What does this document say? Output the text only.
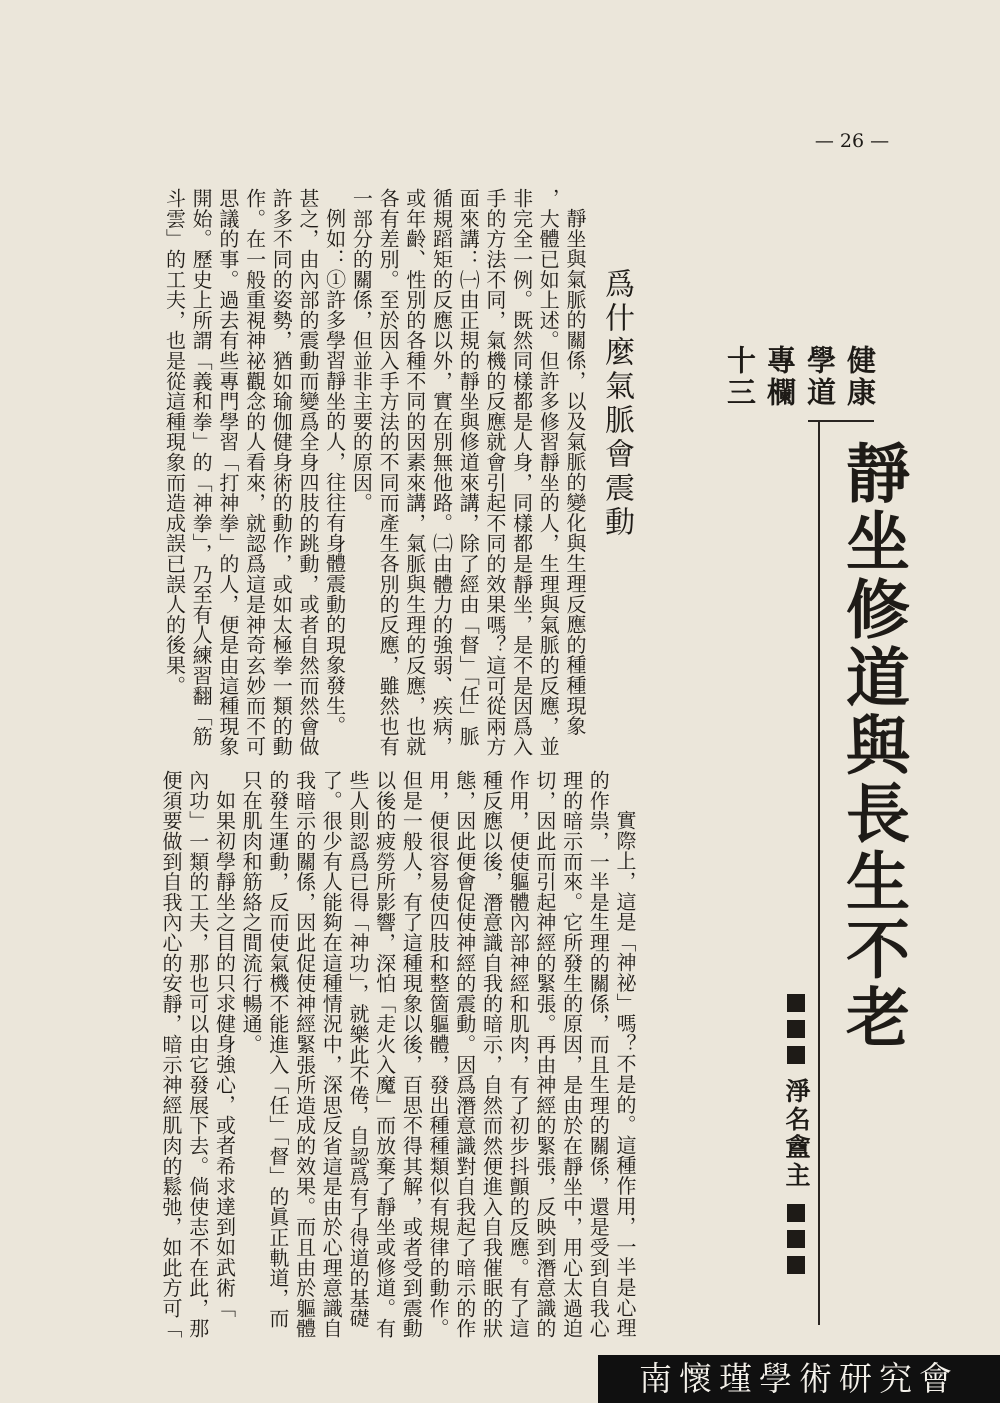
— 26 —
健康
學道
專欄
十三
靜坐修道與長生不老
淨名盦主
爲什麼氣脈會震動

靜坐與氣脈的關係，以及氣脈的變化與生理反應的種種現象

，大體已如上述。但許多修習靜坐的人，生理與氣脈的反應，並

非完全一例。既然同樣都是人身，同樣都是靜坐，是不是因爲入

手的方法不同，氣機的反應就會引起不同的效果嗎？這可從兩方

面來講：㈠由正規的靜坐與修道來講，除了經由「督」「任」脈

循規蹈矩的反應以外，實在別無他路。㈡由體力的強弱、疾病，

或年齡、性別的各種不同的因素來講，氣脈與生理的反應，也就

各有差別。至於因入手方法的不同而產生各別的反應，雖然也有

一部分的關係，但並非主要的原因。

例如：①許多學習靜坐的人，往往有身體震動的現象發生。

甚之，由內部的震動而變爲全身四肢的跳動，或者自然而然會做

許多不同的姿勢，猶如瑜伽健身術的動作，或如太極拳一類的動

作。在一般重視神祕觀念的人看來，就認爲這是神奇玄妙而不可

思議的事。過去有些專門學習「打神拳」的人，便是由這種現象

開始。歷史上所謂「義和拳」的「神拳」，乃至有人練習翻「筋

斗雲」的工夫，也是從這種現象而造成誤已誤人的後果。

實際上，這是「神祕」嗎？不是的。這種作用，一半是心理

的作祟，一半是生理的關係，而且生理的關係，還是受到自我心

理的暗示而來。它所發生的原因，是由於在靜坐中，用心太過迫

切，因此而引起神經的緊張。再由神經的緊張，反映到潛意識的

作用，便使軀體內部神經和肌肉，有了初步抖顫的反應。有了這

種反應以後，潛意識自我的暗示，自然而然便進入自我催眠的狀

態，因此便會促使神經的震動。因爲潛意識對自我起了暗示的作

用，便很容易使四肢和整箇軀體，發出種種類似有規律的動作。

但是一般人，有了這種現象以後，百思不得其解，或者受到震動

以後的疲勞所影響，深怕「走火入魔」而放棄了靜坐或修道。有

些人則認爲已得「神功」，就樂此不倦，自認爲有了得道的基礎

了。很少有人能夠在這種情況中，深思反省這是由於心理意識自

我暗示的關係，因此促使神經緊張所造成的效果。而且由於軀體

的發生運動，反而使氣機不能進入「任」「督」的眞正軌道，而

只在肌肉和筋絡之間流行暢通。

如果初學靜坐之目的只求健身強心，或者希求達到如武術「

內功」一類的工夫，那也可以由它發展下去。倘使志不在此，那

便須要做到自我內心的安靜，暗示神經肌肉的鬆弛，如此方可「

南懷瑾學術研究會
